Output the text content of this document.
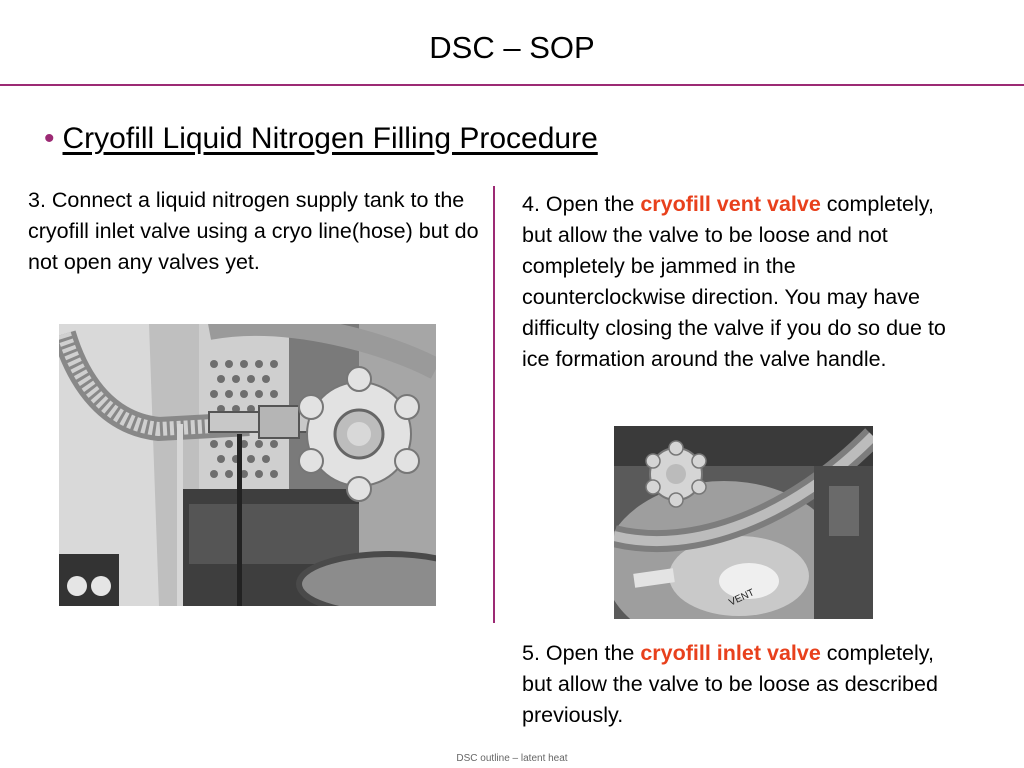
DSC – SOP
• Cryofill Liquid Nitrogen Filling Procedure
3. Connect a liquid nitrogen supply tank to the cryofill inlet valve using a cryo line(hose) but do not open any valves yet.
4. Open the cryofill vent valve completely, but allow the valve to be loose and not completely be jammed in the counterclockwise direction. You may have difficulty closing the valve if you do so due to ice formation around the valve handle.
VENT
5. Open the cryofill inlet valve completely, but allow the valve to be loose as described previously.
DSC outline – latent heat
